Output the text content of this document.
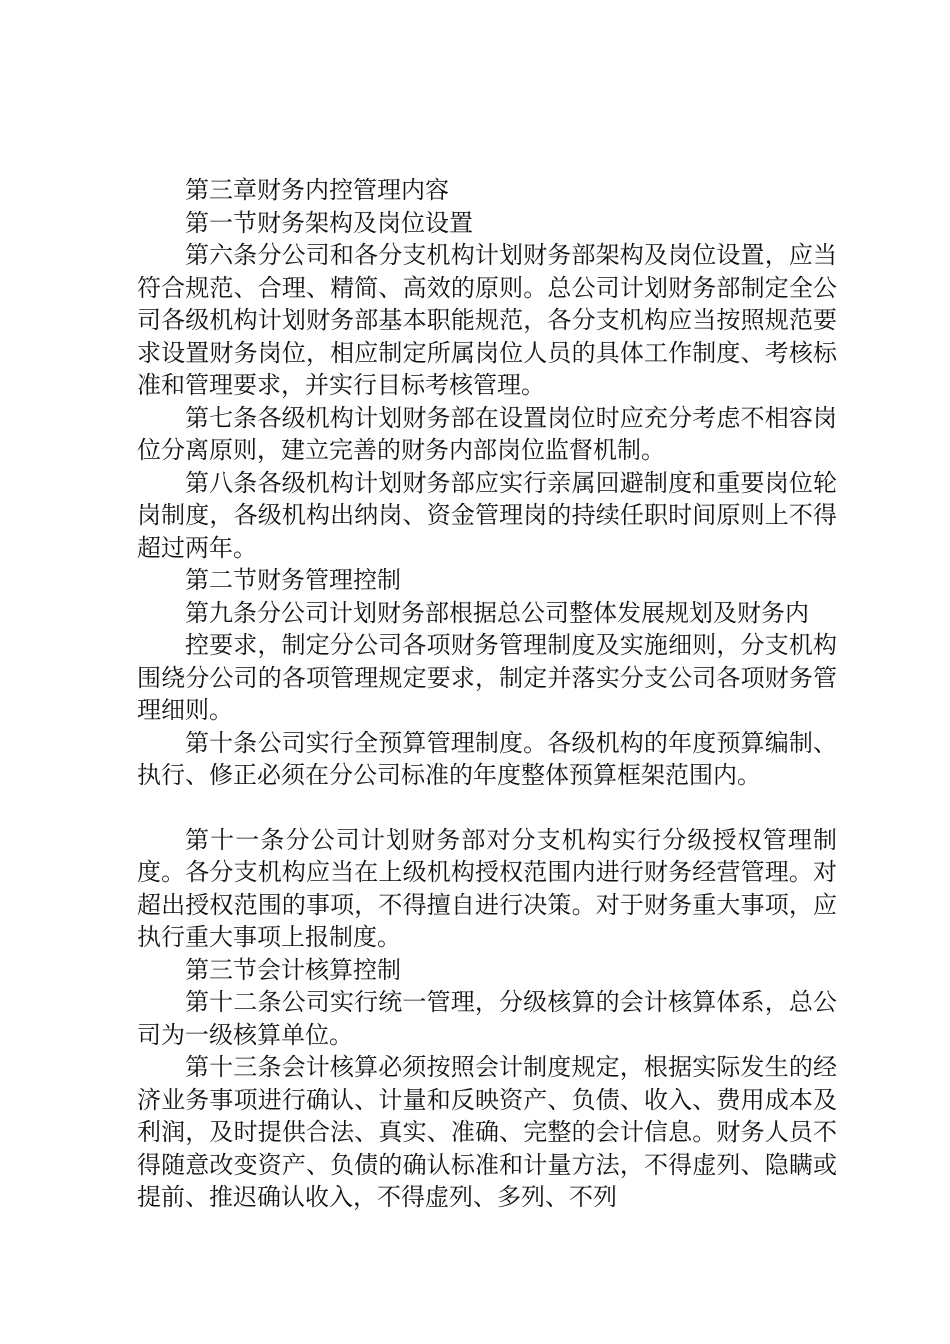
第三章财务内控管理内容

第一节财务架构及岗位设置

第六条分公司和各分支机构计划财务部架构及岗位设置，应当符合规范、合理、精简、高效的原则。总公司计划财务部制定全公司各级机构计划财务部基本职能规范，各分支机构应当按照规范要求设置财务岗位，相应制定所属岗位人员的具体工作制度、考核标准和管理要求，并实行目标考核管理。

第七条各级机构计划财务部在设置岗位时应充分考虑不相容岗位分离原则，建立完善的财务内部岗位监督机制。

第八条各级机构计划财务部应实行亲属回避制度和重要岗位轮岗制度，各级机构出纳岗、资金管理岗的持续任职时间原则上不得超过两年。

第二节财务管理控制

第九条分公司计划财务部根据总公司整体发展规划及财务内

控要求，制定分公司各项财务管理制度及实施细则，分支机构围绕分公司的各项管理规定要求，制定并落实分支公司各项财务管理细则。

第十条公司实行全预算管理制度。各级机构的年度预算编制、执行、修正必须在分公司标准的年度整体预算框架范围内。

第十一条分公司计划财务部对分支机构实行分级授权管理制度。各分支机构应当在上级机构授权范围内进行财务经营管理。对超出授权范围的事项，不得擅自进行决策。对于财务重大事项，应执行重大事项上报制度。

第三节会计核算控制

第十二条公司实行统一管理，分级核算的会计核算体系，总公司为一级核算单位。

第十三条会计核算必须按照会计制度规定，根据实际发生的经济业务事项进行确认、计量和反映资产、负债、收入、费用成本及利润，及时提供合法、真实、准确、完整的会计信息。财务人员不得随意改变资产、负债的确认标准和计量方法，不得虚列、隐瞒或提前、推迟确认收入，不得虚列、多列、不列
